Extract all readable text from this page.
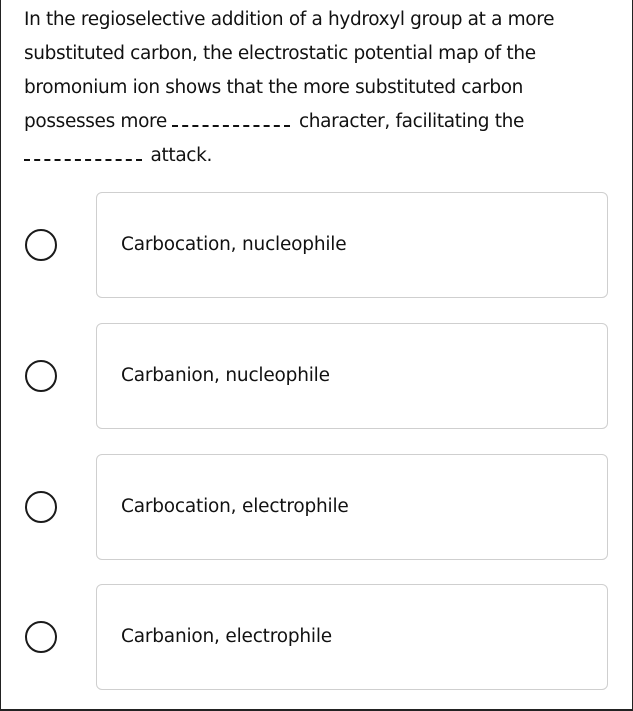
In the regioselective addition of a hydroxyl group at a more substituted carbon, the electrostatic potential map of the bromonium ion shows that the more substituted carbon possesses more	character, facilitating the
attack.
Carbocation, nucleophile
Carbanion, nucleophile
Carbocation, electrophile
Carbanion, electrophile
